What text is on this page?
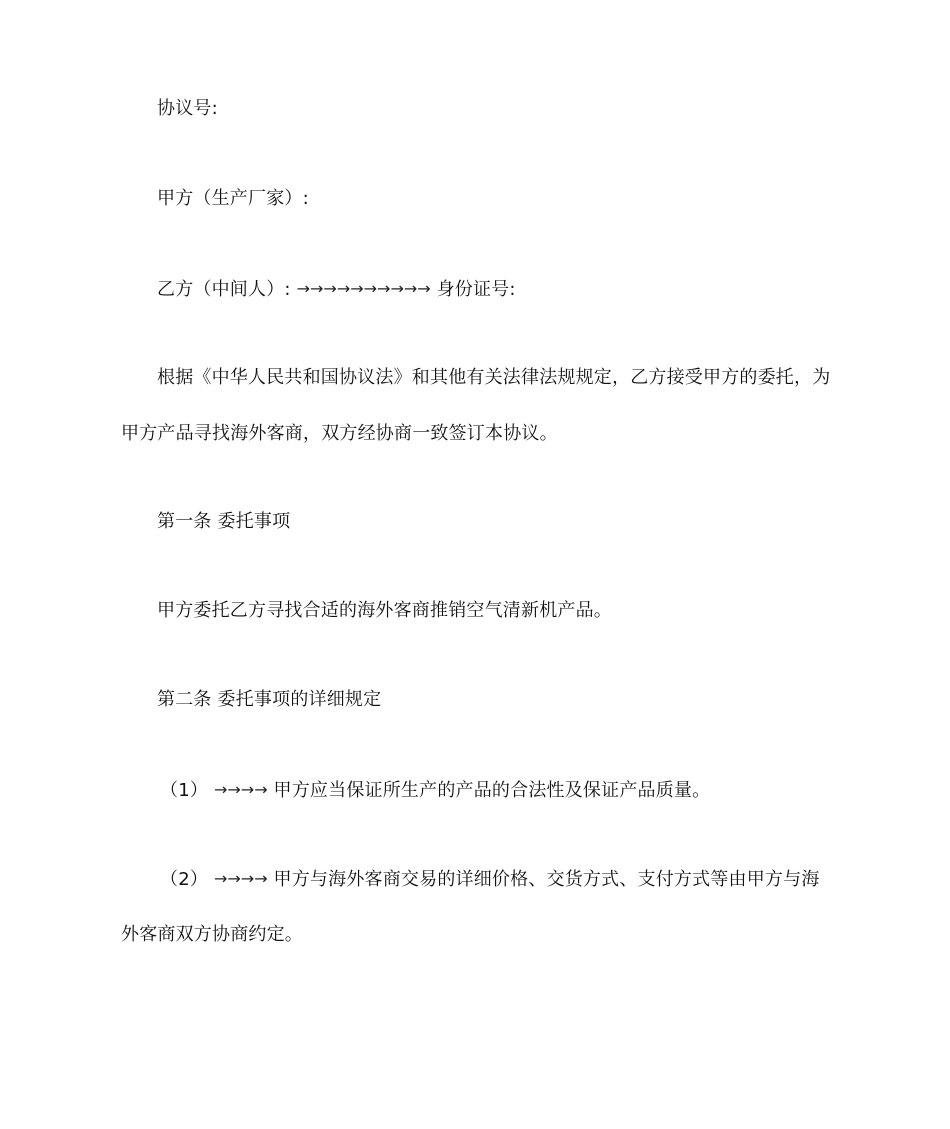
协议号:
甲方（生产厂家）:
乙方（中间人）: →→→→→→→→→→ 身份证号:
根据《中华人民共和国协议法》和其他有关法律法规规定，乙方接受甲方的委托，为
甲方产品寻找海外客商，双方经协商一致签订本协议。
第一条 委托事项
甲方委托乙方寻找合适的海外客商推销空气清新机产品。
第二条 委托事项的详细规定
（1） →→→→ 甲方应当保证所生产的产品的合法性及保证产品质量。
（2） →→→→ 甲方与海外客商交易的详细价格、交货方式、支付方式等由甲方与海
外客商双方协商约定。
